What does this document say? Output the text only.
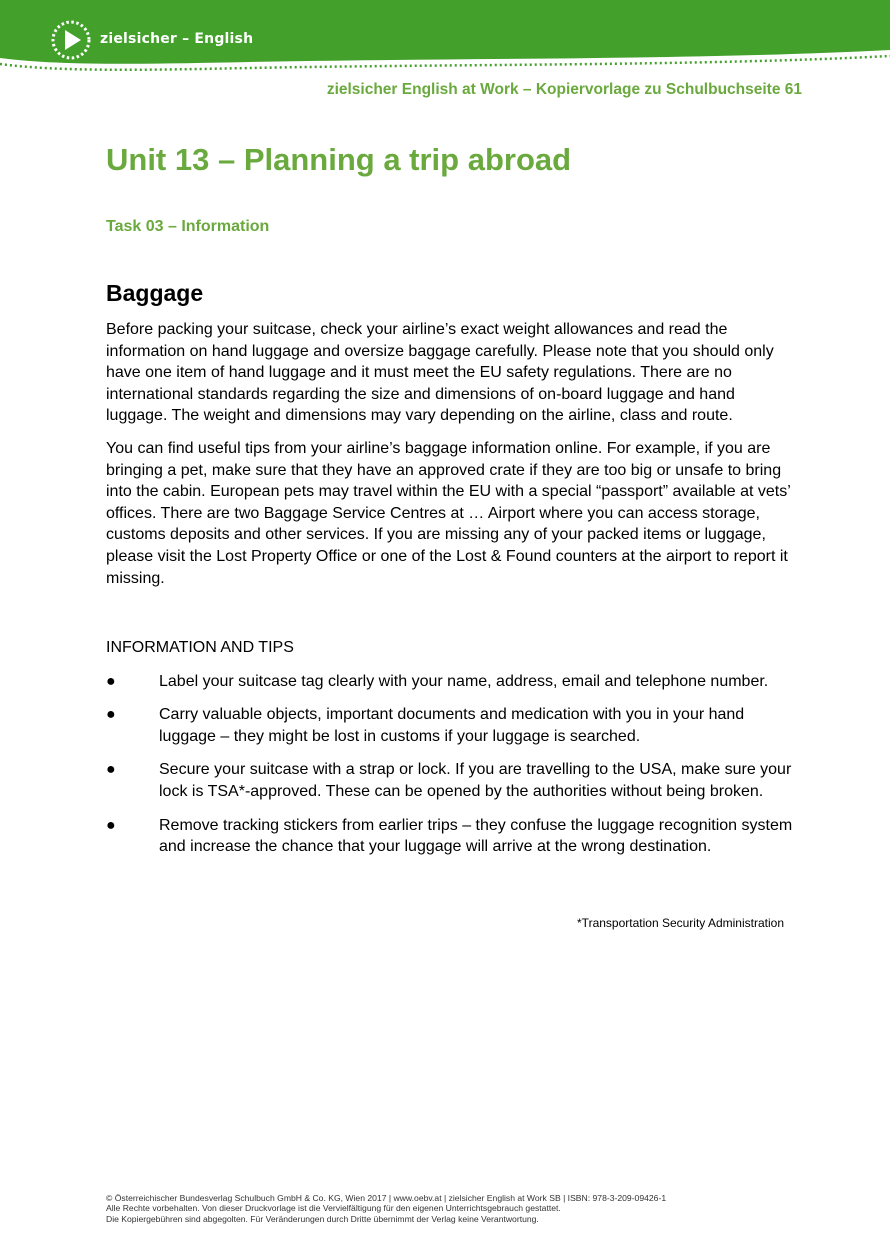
zielsicher – English
zielsicher English at Work – Kopiervorlage zu Schulbuchseite 61
Unit 13 – Planning a trip abroad
Task 03 – Information
Baggage

Before packing your suitcase, check your airline’s exact weight allowances and read the information on hand luggage and oversize baggage carefully. Please note that you should only have one item of hand luggage and it must meet the EU safety regulations. There are no international standards regarding the size and dimensions of on-board luggage and hand luggage. The weight and dimensions may vary depending on the airline, class and route.

You can find useful tips from your airline’s baggage information online. For example, if you are bringing a pet, make sure that they have an approved crate if they are too big or unsafe to bring into the cabin. European pets may travel within the EU with a special “passport” available at vets’ offices. There are two Baggage Service Centres at … Airport where you can access storage, customs deposits and other services. If you are missing any of your packed items or luggage, please visit the Lost Property Office or one of the Lost & Found counters at the airport to report it missing.

INFORMATION AND TIPS

●	Label your suitcase tag clearly with your name, address, email and telephone number.
●	Carry valuable objects, important documents and medication with you in your hand luggage – they might be lost in customs if your luggage is searched.
●	Secure your suitcase with a strap or lock. If you are travelling to the USA, make sure your lock is TSA*-approved. These can be opened by the authorities without being broken.
●	Remove tracking stickers from earlier trips – they confuse the luggage recognition system and increase the chance that your luggage will arrive at the wrong destination.
*Transportation Security Administration
© Österreichischer Bundesverlag Schulbuch GmbH & Co. KG, Wien 2017 | www.oebv.at | zielsicher English at Work SB | ISBN: 978-3-209-09426-1
Alle Rechte vorbehalten. Von dieser Druckvorlage ist die Vervielfältigung für den eigenen Unterrichtsgebrauch gestattet.
Die Kopiergebühren sind abgegolten. Für Veränderungen durch Dritte übernimmt der Verlag keine Verantwortung.
